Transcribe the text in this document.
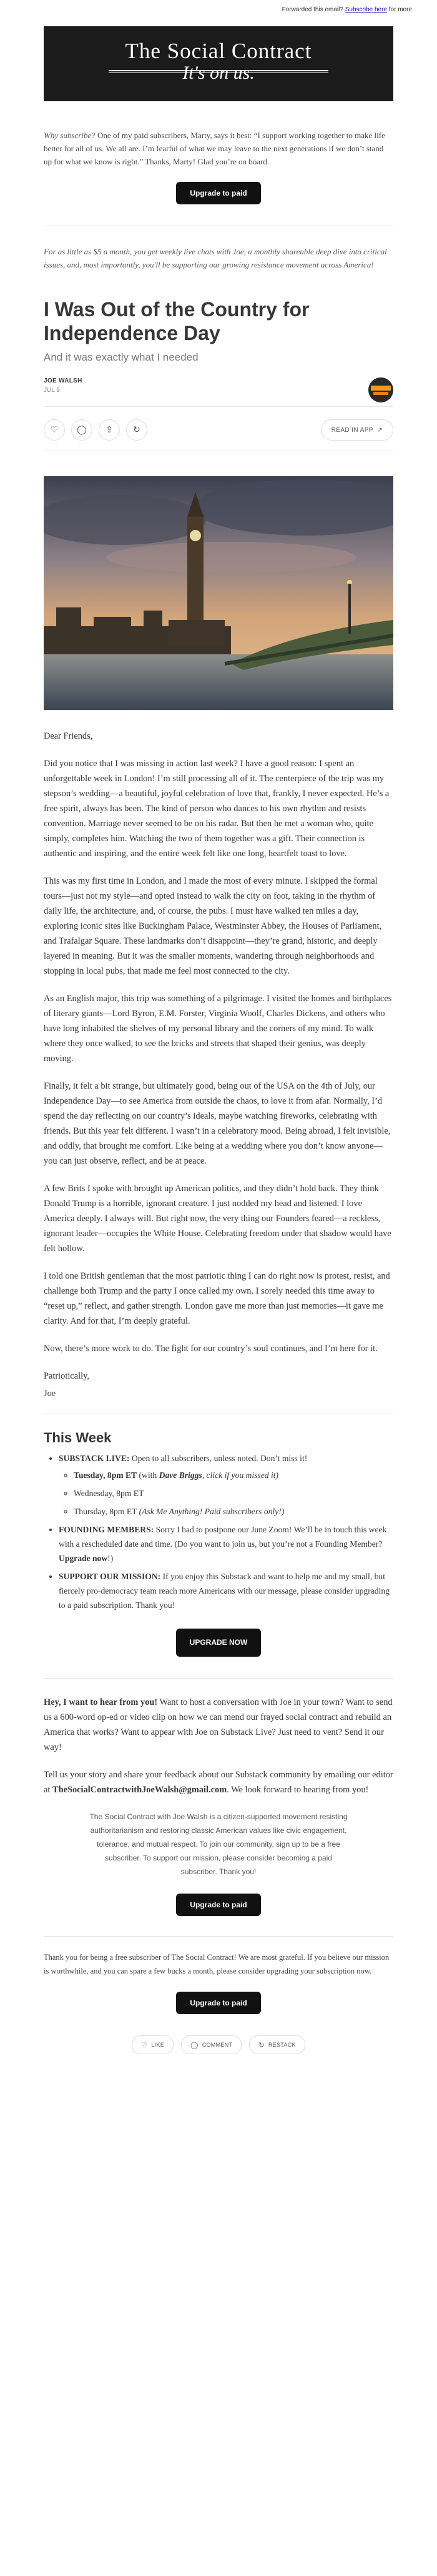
Forwarded this email? Subscribe here for more
The Social Contract
It's on us.
Why subscribe? One of my paid subscribers, Marty, says it best: “I support working together to make life better for all of us. We all are. I’m fearful of what we may leave to the next generations if we don’t stand up for what we know is right.” Thanks, Marty! Glad you’re on board.
Upgrade to paid
For as little as $5 a month, you get weekly live chats with Joe, a monthly shareable deep dive into critical issues, and, most importantly, you'll be supporting our growing resistance movement across America!
I Was Out of the Country for Independence Day
And it was exactly what I needed
JOE WALSH
JUL 9
♡ ◯ ⇪ ↻	READ IN APP
↗

Dear Friends,

Did you notice that I was missing in action last week? I have a good reason: I spent an unforgettable week in London! I’m still processing all of it. The centerpiece of the trip was my stepson’s wedding—a beautiful, joyful celebration of love that, frankly, I never expected. He’s a free spirit, always has been. The kind of person who dances to his own rhythm and resists convention. Marriage never seemed to be on his radar. But then he met a woman who, quite simply, completes him. Watching the two of them together was a gift. Their connection is authentic and inspiring, and the entire week felt like one long, heartfelt toast to love.

This was my first time in London, and I made the most of every minute. I skipped the formal tours—just not my style—and opted instead to walk the city on foot, taking in the rhythm of daily life, the architecture, and, of course, the pubs. I must have walked ten miles a day, exploring iconic sites like Buckingham Palace, Westminster Abbey, the Houses of Parliament, and Trafalgar Square. These landmarks don’t disappoint—they’re grand, historic, and deeply layered in meaning. But it was the smaller moments, wandering through neighborhoods and stopping in local pubs, that made me feel most connected to the city.

As an English major, this trip was something of a pilgrimage. I visited the homes and birthplaces of literary giants—Lord Byron, E.M. Forster, Virginia Woolf, Charles Dickens, and others who have long inhabited the shelves of my personal library and the corners of my mind. To walk where they once walked, to see the bricks and streets that shaped their genius, was deeply moving.

Finally, it felt a bit strange, but ultimately good, being out of the USA on the 4th of July, our Independence Day—to see America from outside the chaos, to love it from afar. Normally, I’d spend the day reflecting on our country’s ideals, maybe watching fireworks, celebrating with friends. But this year felt different. I wasn’t in a celebratory mood. Being abroad, I felt invisible, and oddly, that brought me comfort. Like being at a wedding where you don’t know anyone—you can just observe, reflect, and be at peace.

A few Brits I spoke with brought up American politics, and they didn’t hold back. They think Donald Trump is a horrible, ignorant creature. I just nodded my head and listened. I love America deeply. I always will. But right now, the very thing our Founders feared—a reckless, ignorant leader—occupies the White House. Celebrating freedom under that shadow would have felt hollow.

I told one British gentleman that the most patriotic thing I can do right now is protest, resist, and challenge both Trump and the party I once called my own. I sorely needed this time away to “reset up,” reflect, and gather strength. London gave me more than just memories—it gave me clarity. And for that, I’m deeply grateful.

Now, there’s more work to do. The fight for our country’s soul continues, and I’m here for it.

Patriotically,

Joe

This Week
• SUBSTACK LIVE: Open to all subscribers, unless noted. Don’t miss it!
◦ Tuesday, 8pm ET (with Dave Briggs, click if you missed it)
◦ Wednesday, 8pm ET
◦ Thursday, 8pm ET (Ask Me Anything! Paid subscribers only!)
• FOUNDING MEMBERS: Sorry I had to postpone our June Zoom! We’ll be in touch this week with a rescheduled date and time. (Do you want to join us, but you’re not a Founding Member? Upgrade now!)
• SUPPORT OUR MISSION: If you enjoy this Substack and want to help me and my small, but fiercely pro-democracy team reach more Americans with our message, please consider upgrading to a paid subscription. Thank you!
UPGRADE NOW

Hey, I want to hear from you! Want to host a conversation with Joe in your town? Want to send us a 600-word op-ed or video clip on how we can mend our frayed social contract and rebuild an America that works? Want to appear with Joe on Substack Live? Just need to vent? Send it our way!

Tell us your story and share your feedback about our Substack community by emailing our editor at TheSocialContractwithJoeWalsh@gmail.com. We look forward to hearing from you!

The Social Contract with Joe Walsh is a citizen-supported movement resisting authoritarianism and restoring classic American values like civic engagement, tolerance, and mutual respect. To join our community, sign up to be a free subscriber. To support our mission, please consider becoming a paid subscriber. Thank you!
Upgrade to paid
Thank you for being a free subscriber of The Social Contract! We are most grateful. If you believe our mission is worthwhile, and you can spare a few bucks a month, please consider upgrading your subscription now.
Upgrade to paid
♡ LIKE
	◯ COMMENT
	↻ RESTACK
